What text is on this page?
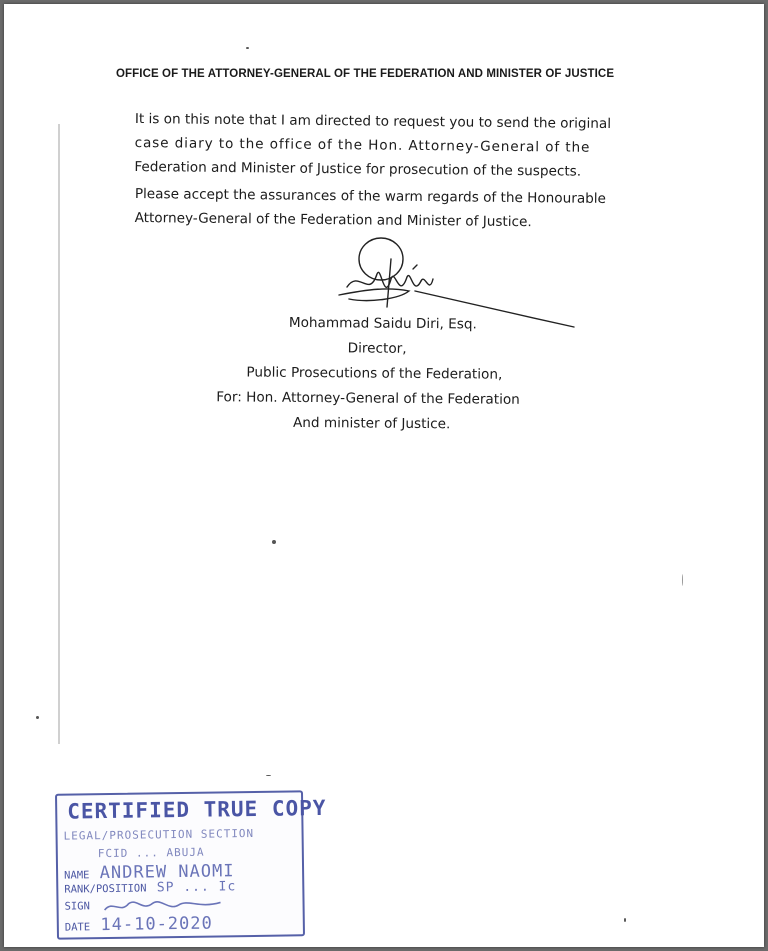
OFFICE OF THE ATTORNEY-GENERAL OF THE FEDERATION AND MINISTER OF JUSTICE
It is on this note that I am directed to request you to send the original
case diary to the office of the Hon. Attorney-General of the
Federation and Minister of Justice for prosecution of the suspects.
Please accept the assurances of the warm regards of the Honourable
Attorney-General of the Federation and Minister of Justice.
Mohammad Saidu Diri, Esq.
Director,
Public Prosecutions of the Federation,
For: Hon. Attorney-General of the Federation
And minister of Justice.
CERTIFIED TRUE COPY
LEGAL/PROSECUTION SECTION
FCID ... ABUJA
NAME ANDREW NAOMI
RANK/POSITION SP ... Ic
SIGN
DATE 14-10-2020
